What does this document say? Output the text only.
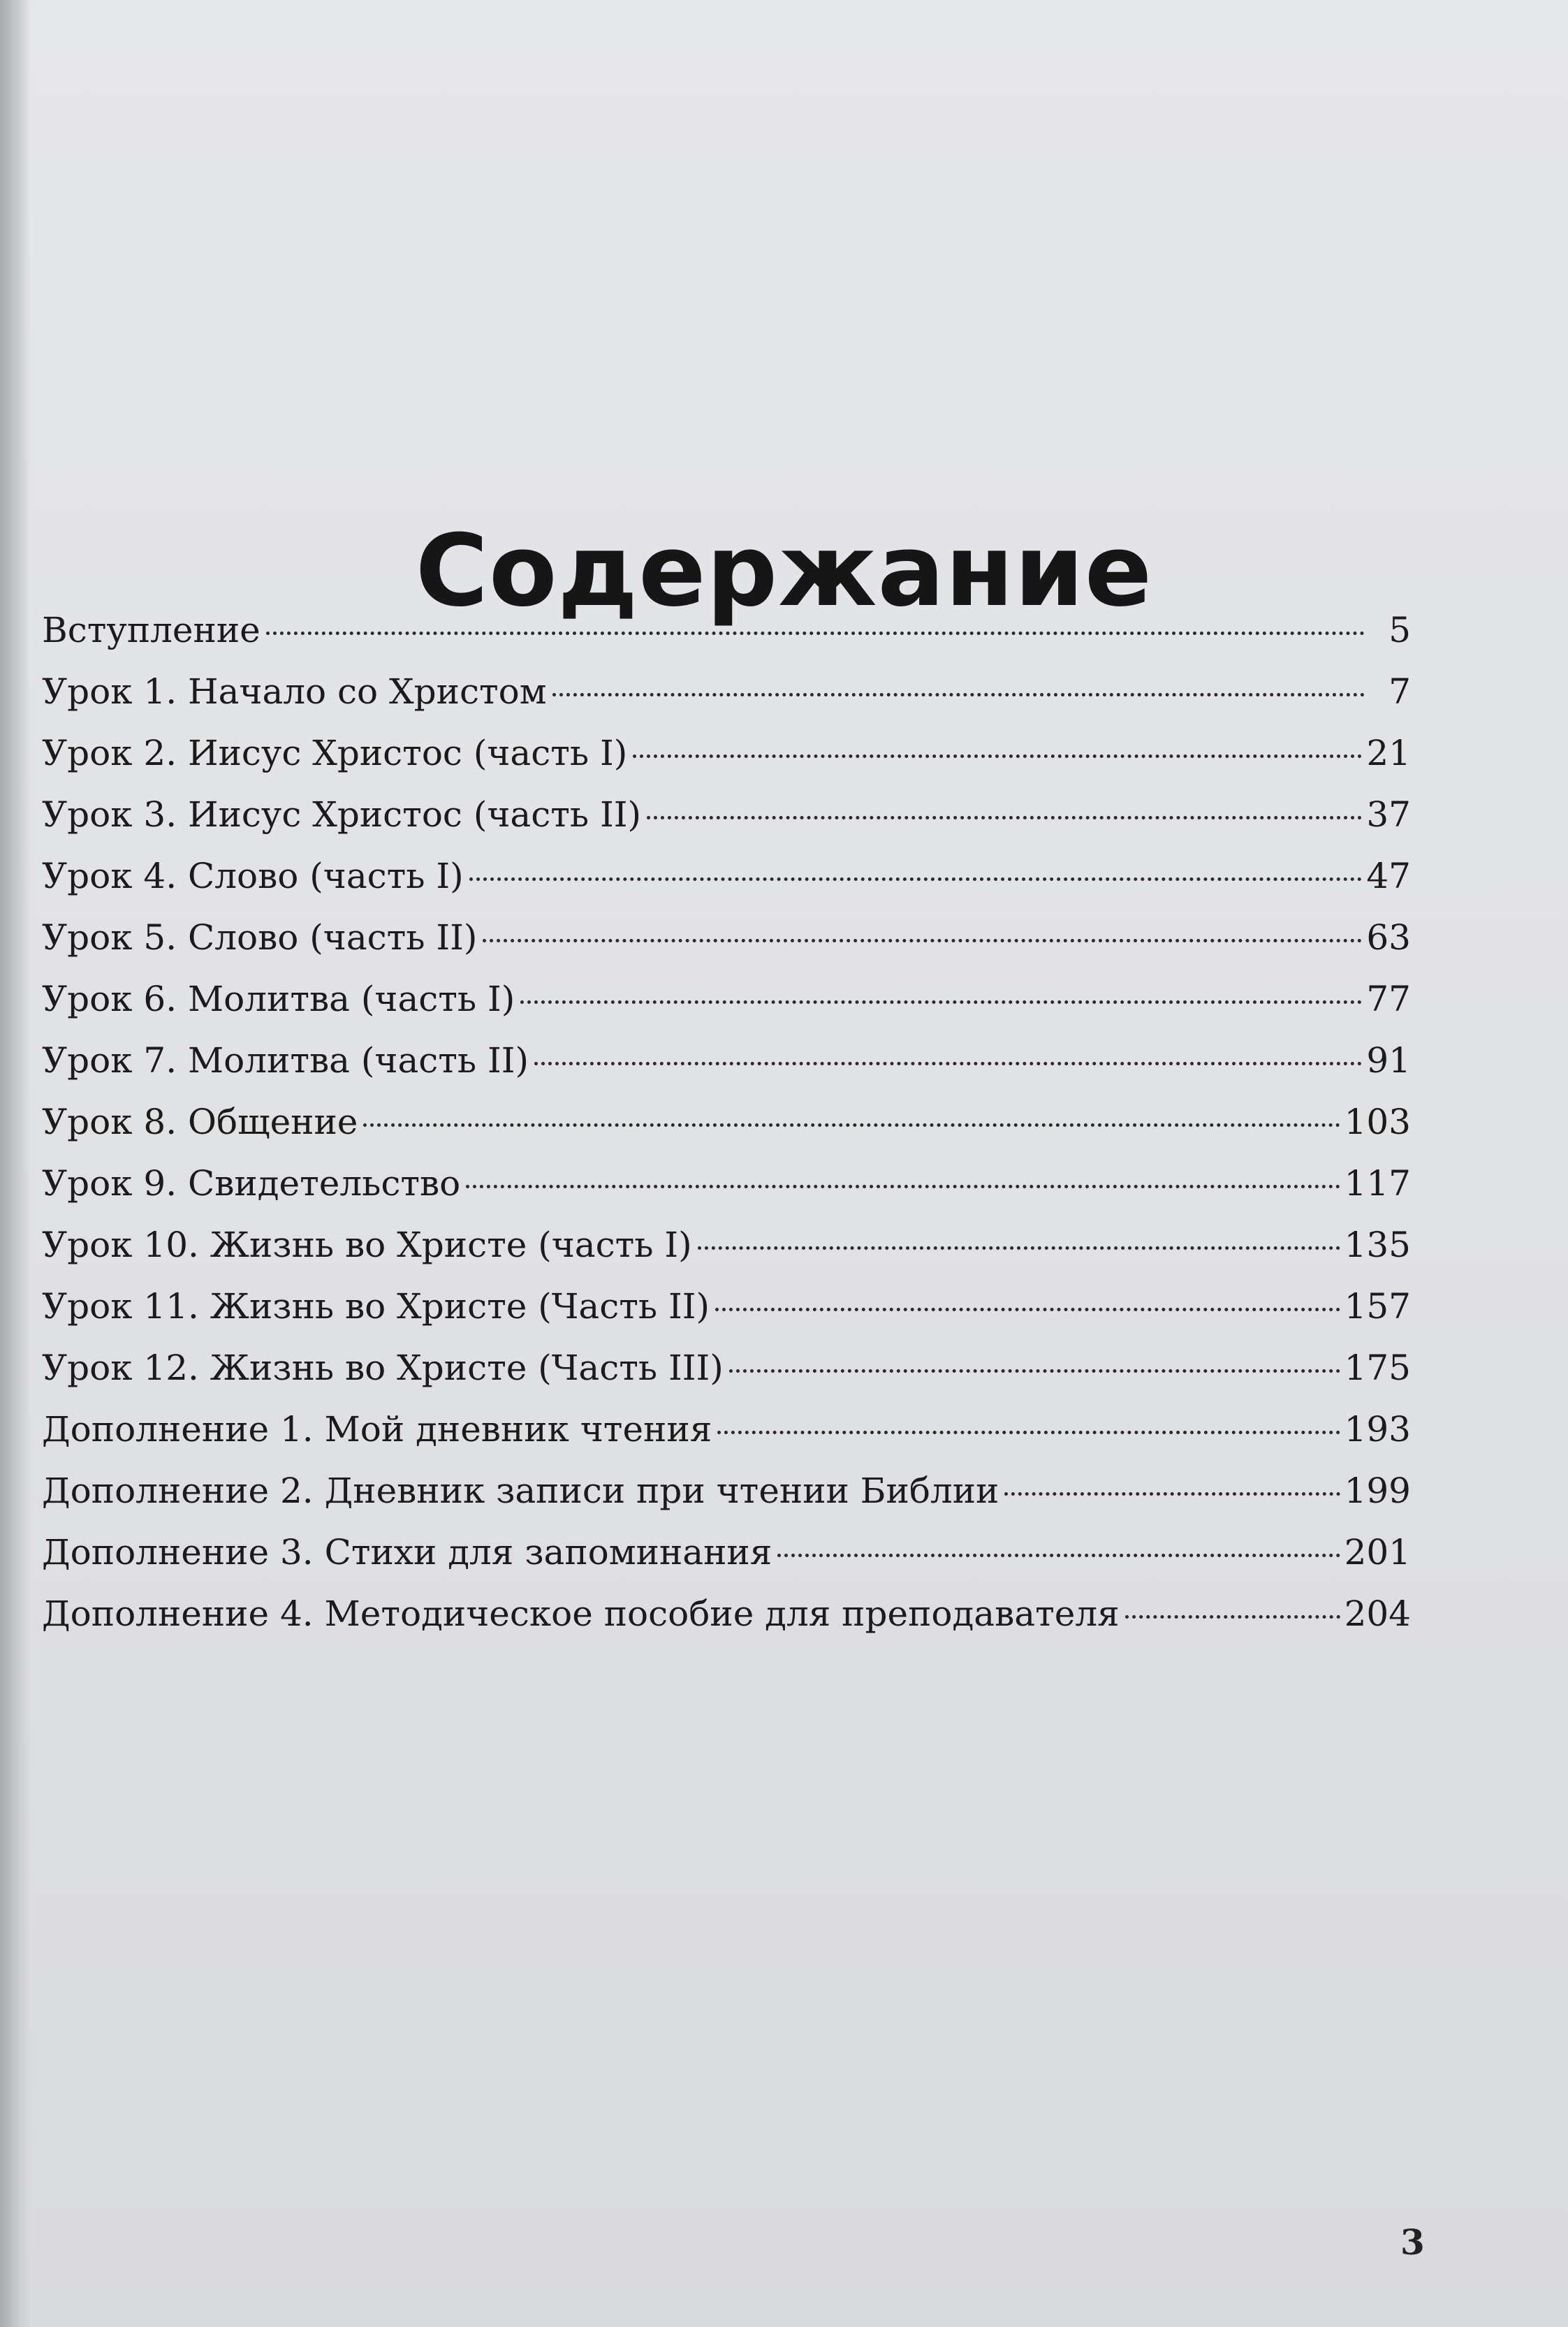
Содержание
Вступление	5
Урок 1. Начало со Христом	7
Урок 2. Иисус Христос (часть I)	21
Урок 3. Иисус Христос (часть II)	37
Урок 4. Слово (часть I)	47
Урок 5. Слово (часть II)	63
Урок 6. Молитва (часть I)	77
Урок 7. Молитва (часть II)	91
Урок 8. Общение	103
Урок 9. Свидетельство	117
Урок 10. Жизнь во Христе (часть I)	135
Урок 11. Жизнь во Христе (Часть II)	157
Урок 12. Жизнь во Христе (Часть III)	175
Дополнение 1. Мой дневник чтения	193
Дополнение 2. Дневник записи при чтении Библии	199
Дополнение 3. Стихи для запоминания	201
Дополнение 4. Методическое пособие для преподавателя	204
3
